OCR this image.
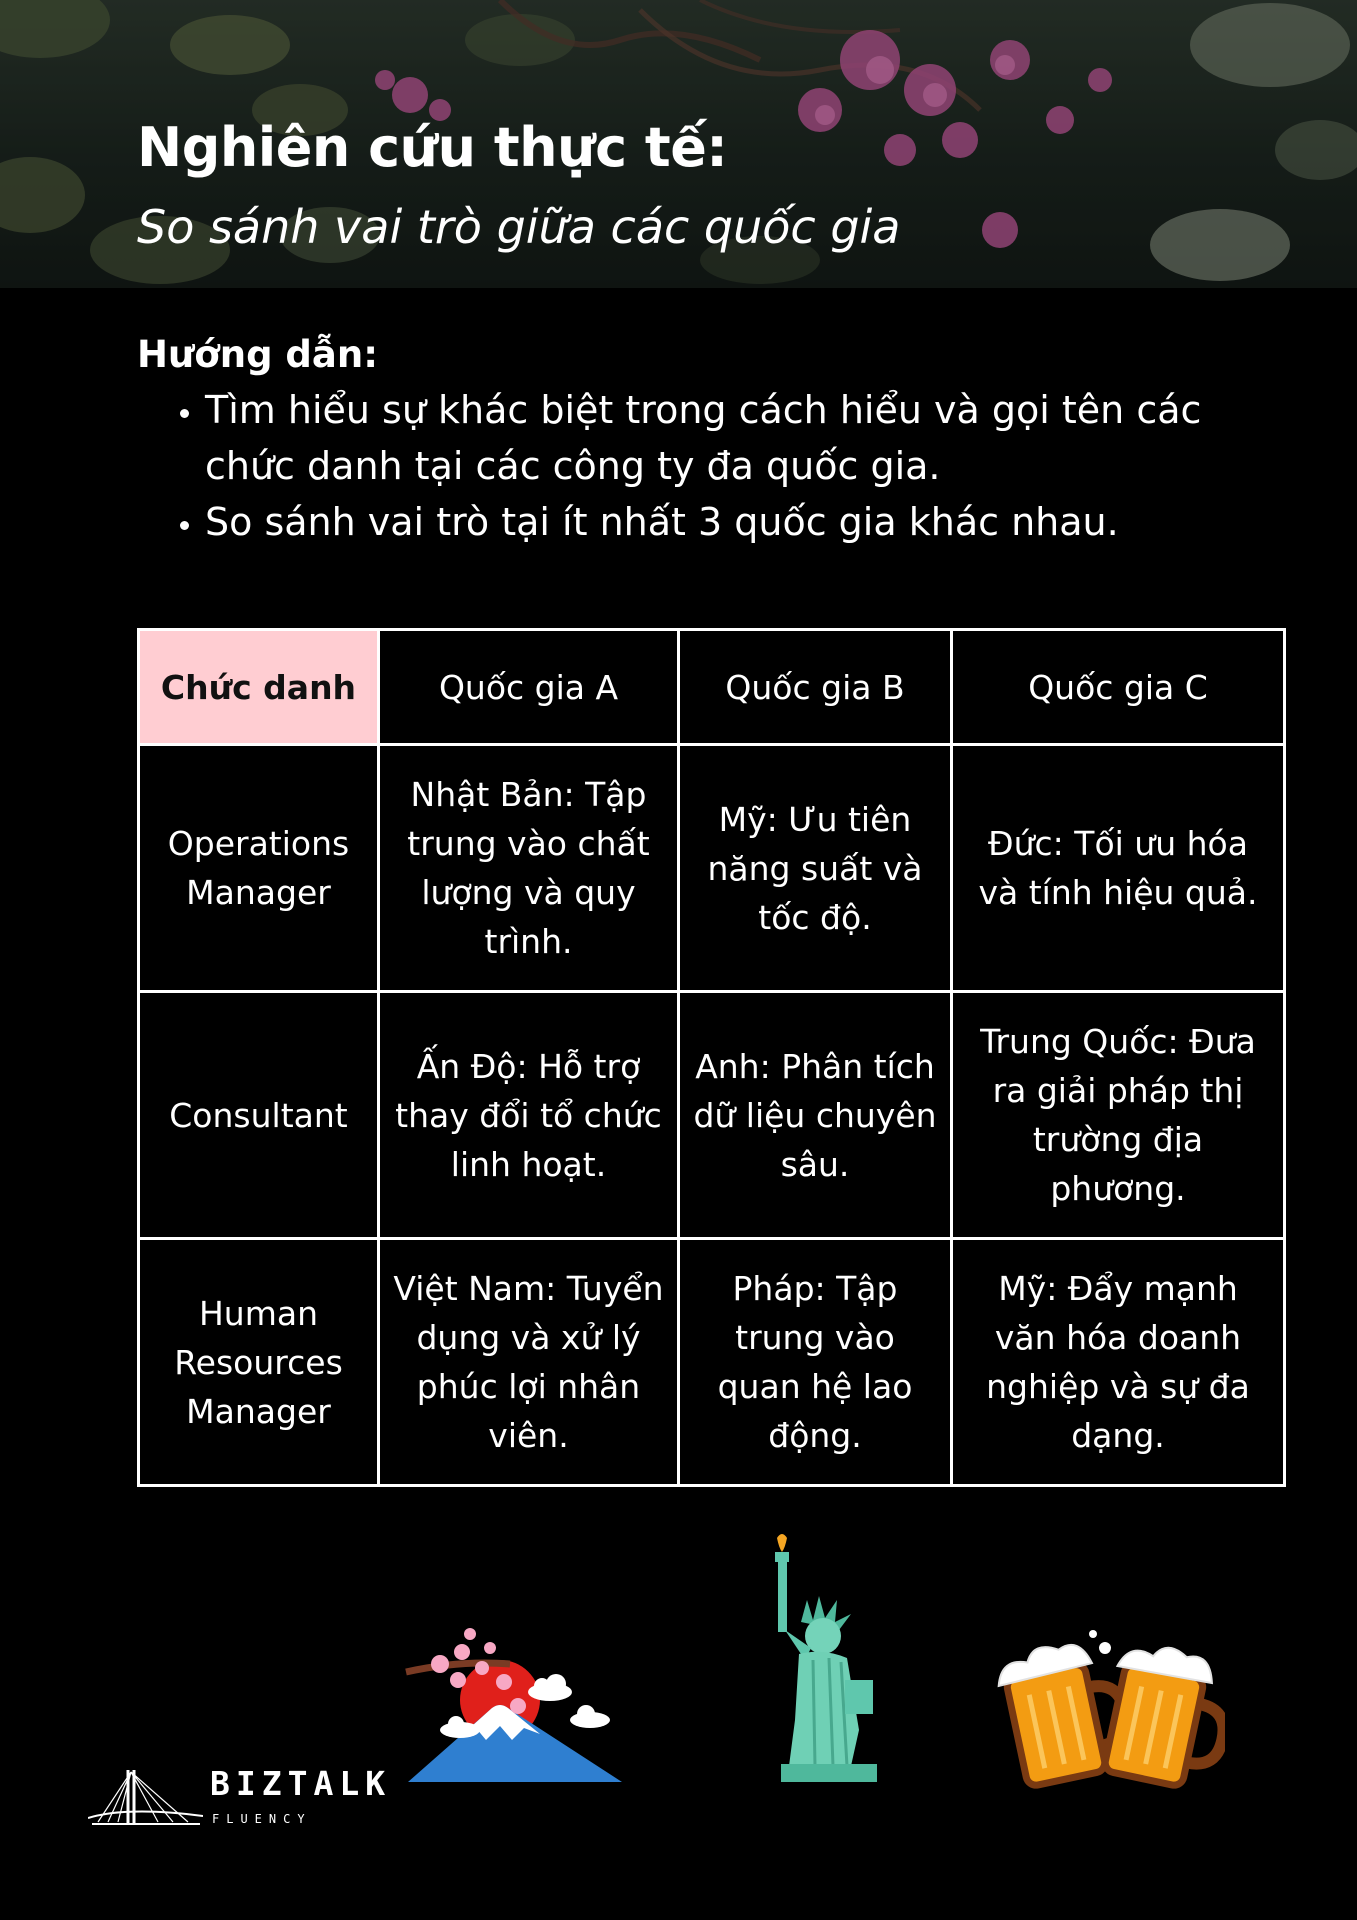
Nghiên cứu thực tế:
So sánh vai trò giữa các quốc gia

Hướng dẫn:

• Tìm hiểu sự khác biệt trong cách hiểu và gọi tên các chức danh tại các công ty đa quốc gia.
• So sánh vai trò tại ít nhất 3 quốc gia khác nhau.
Chức danh	Quốc gia A	Quốc gia B	Quốc gia C
Operations Manager	Nhật Bản: Tập trung vào chất lượng và quy trình.	Mỹ: Ưu tiên năng suất và tốc độ.	Đức: Tối ưu hóa và tính hiệu quả.
Consultant	Ấn Độ: Hỗ trợ thay đổi tổ chức linh hoạt.	Anh: Phân tích dữ liệu chuyên sâu.	Trung Quốc: Đưa ra giải pháp thị trường địa phương.
Human Resources Manager	Việt Nam: Tuyển dụng và xử lý phúc lợi nhân viên.	Pháp: Tập trung vào quan hệ lao động.	Mỹ: Đẩy mạnh văn hóa doanh nghiệp và sự đa dạng.
BIZTALK
FLUENCY
